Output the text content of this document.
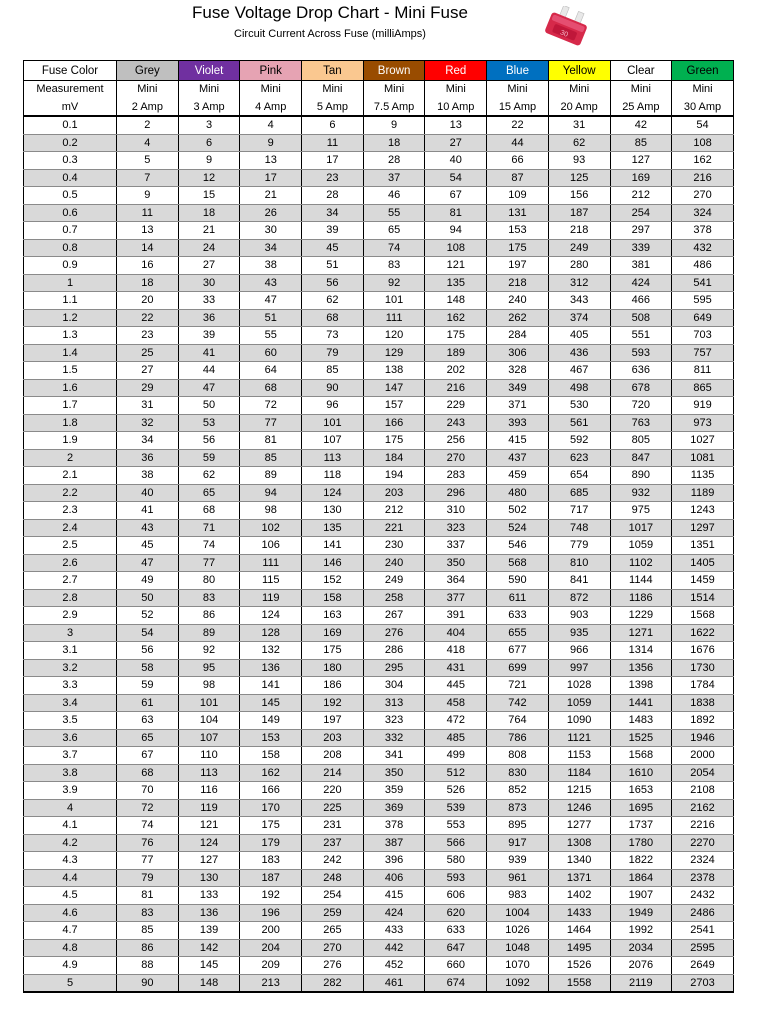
Fuse Voltage Drop Chart - Mini Fuse
Circuit Current Across Fuse (milliAmps)	30
Fuse Color	Grey	Violet	Pink	Tan	Brown	Red	Blue	Yellow	Clear	Green
Measurement	Mini	Mini	Mini	Mini	Mini	Mini	Mini	Mini	Mini	Mini
mV	2 Amp	3 Amp	4 Amp	5 Amp	7.5 Amp	10 Amp	15 Amp	20 Amp	25 Amp	30 Amp
0.1	2	3	4	6	9	13	22	31	42	54
0.2	4	6	9	11	18	27	44	62	85	108
0.3	5	9	13	17	28	40	66	93	127	162
0.4	7	12	17	23	37	54	87	125	169	216
0.5	9	15	21	28	46	67	109	156	212	270
0.6	11	18	26	34	55	81	131	187	254	324
0.7	13	21	30	39	65	94	153	218	297	378
0.8	14	24	34	45	74	108	175	249	339	432
0.9	16	27	38	51	83	121	197	280	381	486
1	18	30	43	56	92	135	218	312	424	541
1.1	20	33	47	62	101	148	240	343	466	595
1.2	22	36	51	68	111	162	262	374	508	649
1.3	23	39	55	73	120	175	284	405	551	703
1.4	25	41	60	79	129	189	306	436	593	757
1.5	27	44	64	85	138	202	328	467	636	811
1.6	29	47	68	90	147	216	349	498	678	865
1.7	31	50	72	96	157	229	371	530	720	919
1.8	32	53	77	101	166	243	393	561	763	973
1.9	34	56	81	107	175	256	415	592	805	1027
2	36	59	85	113	184	270	437	623	847	1081
2.1	38	62	89	118	194	283	459	654	890	1135
2.2	40	65	94	124	203	296	480	685	932	1189
2.3	41	68	98	130	212	310	502	717	975	1243
2.4	43	71	102	135	221	323	524	748	1017	1297
2.5	45	74	106	141	230	337	546	779	1059	1351
2.6	47	77	111	146	240	350	568	810	1102	1405
2.7	49	80	115	152	249	364	590	841	1144	1459
2.8	50	83	119	158	258	377	611	872	1186	1514
2.9	52	86	124	163	267	391	633	903	1229	1568
3	54	89	128	169	276	404	655	935	1271	1622
3.1	56	92	132	175	286	418	677	966	1314	1676
3.2	58	95	136	180	295	431	699	997	1356	1730
3.3	59	98	141	186	304	445	721	1028	1398	1784
3.4	61	101	145	192	313	458	742	1059	1441	1838
3.5	63	104	149	197	323	472	764	1090	1483	1892
3.6	65	107	153	203	332	485	786	1121	1525	1946
3.7	67	110	158	208	341	499	808	1153	1568	2000
3.8	68	113	162	214	350	512	830	1184	1610	2054
3.9	70	116	166	220	359	526	852	1215	1653	2108
4	72	119	170	225	369	539	873	1246	1695	2162
4.1	74	121	175	231	378	553	895	1277	1737	2216
4.2	76	124	179	237	387	566	917	1308	1780	2270
4.3	77	127	183	242	396	580	939	1340	1822	2324
4.4	79	130	187	248	406	593	961	1371	1864	2378
4.5	81	133	192	254	415	606	983	1402	1907	2432
4.6	83	136	196	259	424	620	1004	1433	1949	2486
4.7	85	139	200	265	433	633	1026	1464	1992	2541
4.8	86	142	204	270	442	647	1048	1495	2034	2595
4.9	88	145	209	276	452	660	1070	1526	2076	2649
5	90	148	213	282	461	674	1092	1558	2119	2703
